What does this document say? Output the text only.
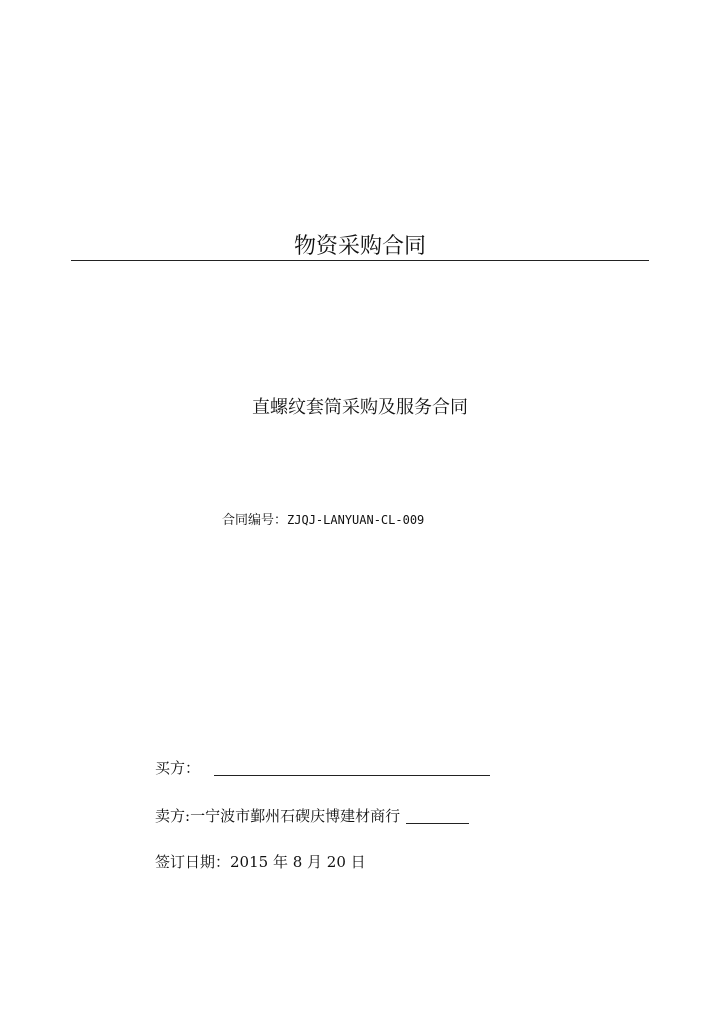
物资采购合同
直螺纹套筒采购及服务合同
合同编号：ZJQJ-LANYUAN-CL-009
买方：
卖方:一宁波市鄞州石碶庆博建材商行
签订日期：2015 年 8 月 20 日
